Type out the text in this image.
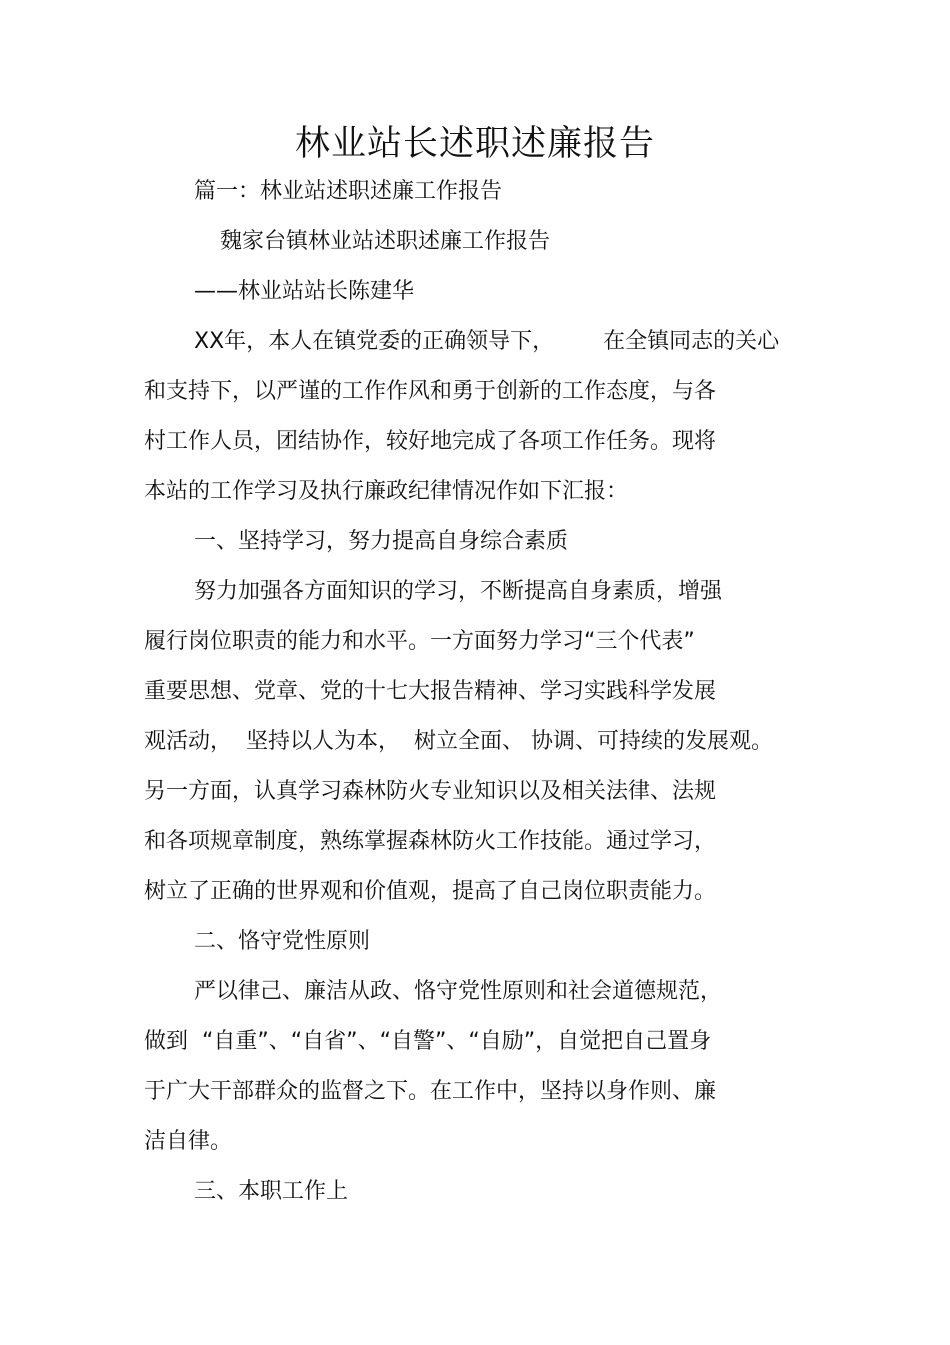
林业站长述职述廉报告

篇一：林业站述职述廉工作报告

魏家台镇林业站述职述廉工作报告

——林业站站长陈建华

XX年，本人在镇党委的正确领导下，       在全镇同志的关心

和支持下，以严谨的工作作风和勇于创新的工作态度，与各

村工作人员，团结协作，较好地完成了各项工作任务。现将

本站的工作学习及执行廉政纪律情况作如下汇报：

一、坚持学习，努力提高自身综合素质

努力加强各方面知识的学习，不断提高自身素质，增强

履行岗位职责的能力和水平。一方面努力学习“三个代表”

重要思想、党章、党的十七大报告精神、学习实践科学发展

观活动，  坚持以人为本，  树立全面、 协调、可持续的发展观。

另一方面，认真学习森林防火专业知识以及相关法律、法规

和各项规章制度，熟练掌握森林防火工作技能。通过学习，

树立了正确的世界观和价值观，提高了自己岗位职责能力。

二、恪守党性原则

严以律己、廉洁从政、恪守党性原则和社会道德规范，

做到  “自重”、“自省”、“自警”、“自励”，自觉把自己置身

于广大干部群众的监督之下。在工作中，坚持以身作则、廉

洁自律。

三、本职工作上
